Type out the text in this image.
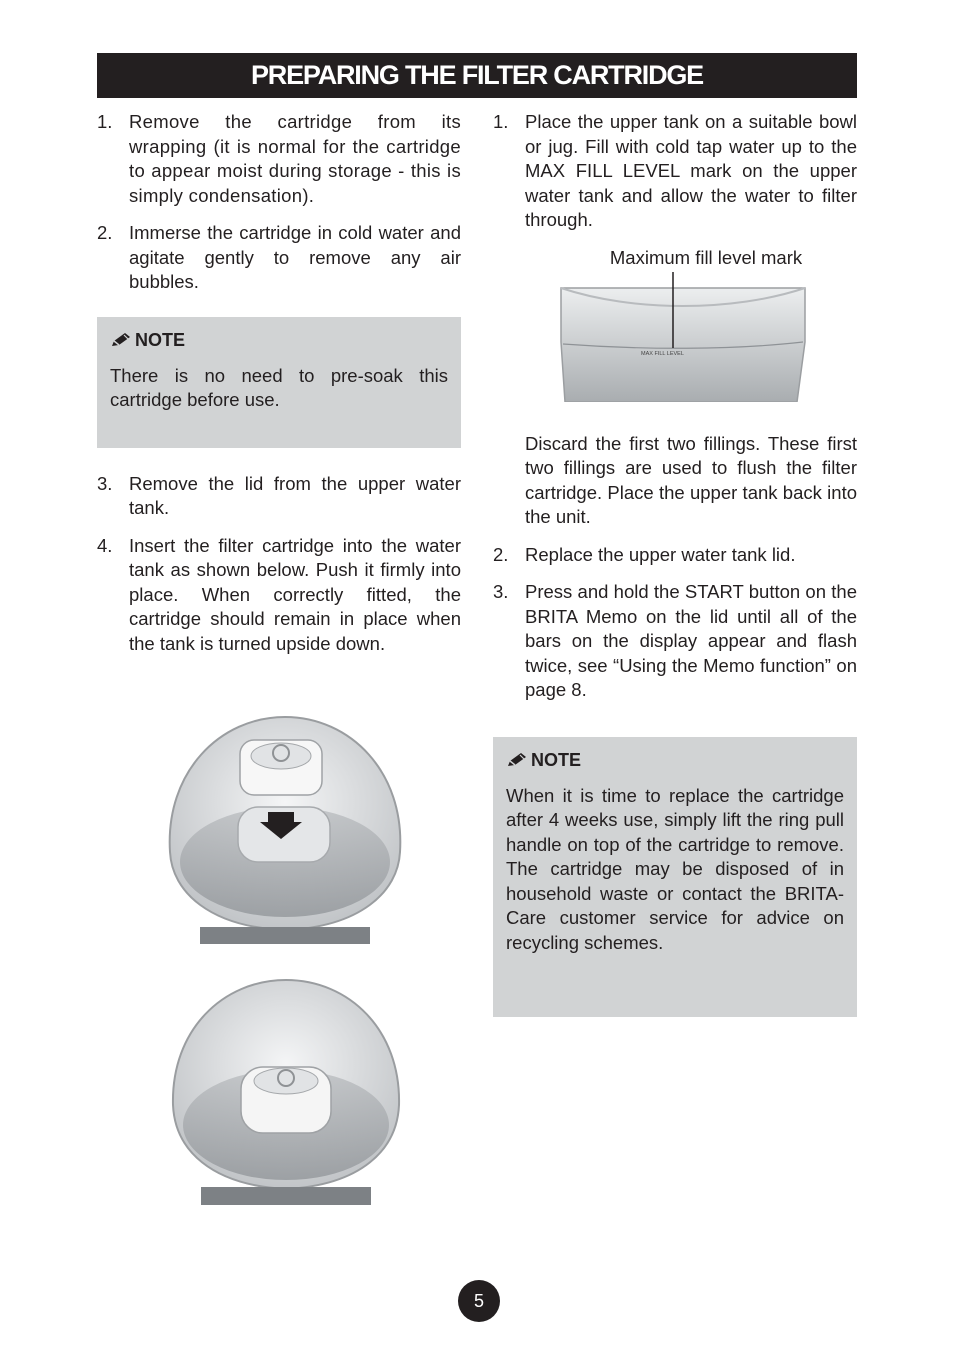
PREPARING THE FILTER CARTRIDGE
1. Remove the cartridge from its wrapping (it is normal for the cartridge to appear moist during storage - this is simply condensation).
2. Immerse the cartridge in cold water and agitate gently to remove any air bubbles.
NOTE
There is no need to pre-soak this cartridge before use.
3. Remove the lid from the upper water tank.
4. Insert the filter cartridge into the water tank as shown below. Push it firmly into place. When correctly fitted, the cartridge should remain in place when the tank is turned upside down.
1. Place the upper tank on a suitable bowl or jug. Fill with cold tap water up to the MAX FILL LEVEL mark on the upper water tank and allow the water to filter through.
Maximum fill level mark
MAX FILL LEVEL
Discard the first two fillings. These first two fillings are used to flush the filter cartridge. Place the upper tank back into the unit.
2. Replace the upper water tank lid.
3. Press and hold the START button on the BRITA Memo on the lid until all of the bars on the display appear and flash twice, see “Using the Memo function” on page 8.
NOTE
When it is time to replace the cartridge after 4 weeks use, simply lift the ring pull handle on top of the cartridge to remove. The cartridge may be disposed of in household waste or contact the BRITA-Care customer service for advice on recycling schemes.
5
